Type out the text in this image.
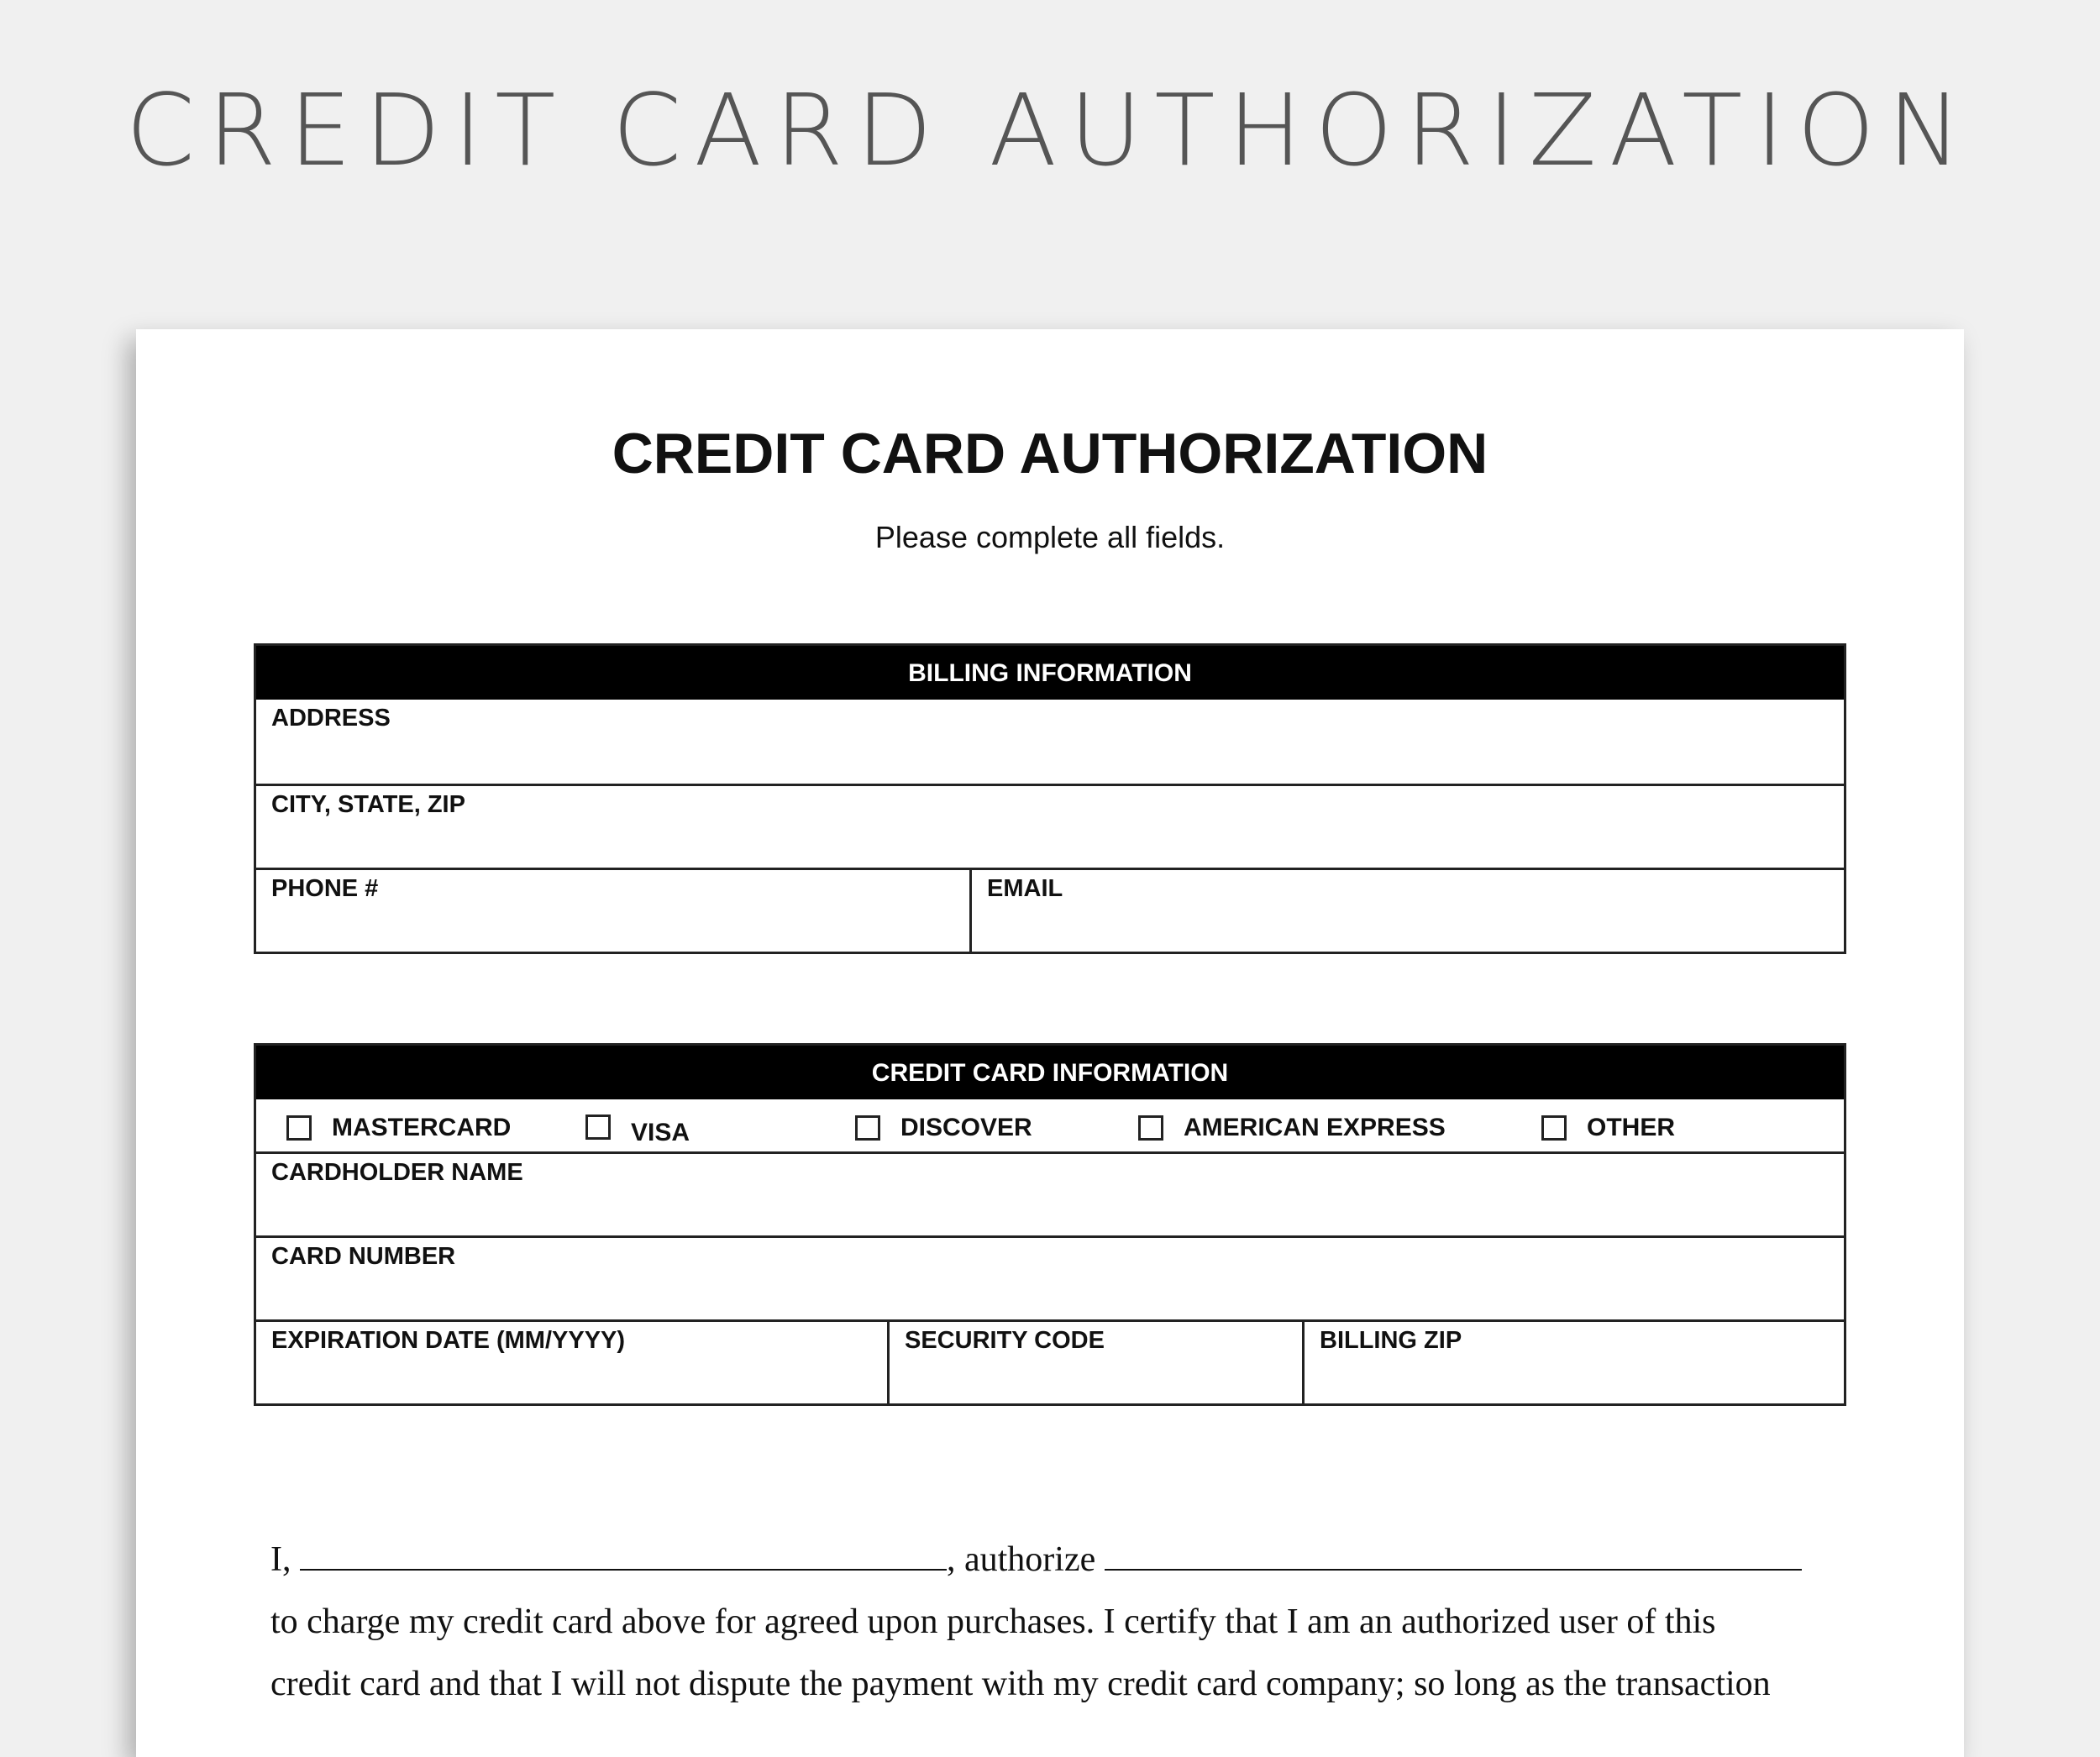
CREDIT CARD AUTHORIZATION
CREDIT CARD AUTHORIZATION
Please complete all fields.
BILLING INFORMATION
ADDRESS
CITY, STATE, ZIP
PHONE #	EMAIL
CREDIT CARD INFORMATION
MASTERCARD	VISA	DISCOVER	AMERICAN EXPRESS	OTHER
CARDHOLDER NAME
CARD NUMBER
EXPIRATION DATE (MM/YYYY)	SECURITY CODE	BILLING ZIP
I,	, authorize
to charge my credit card above for agreed upon purchases. I certify that I am an authorized user of this
credit card and that I will not dispute the payment with my credit card company; so long as the transaction
